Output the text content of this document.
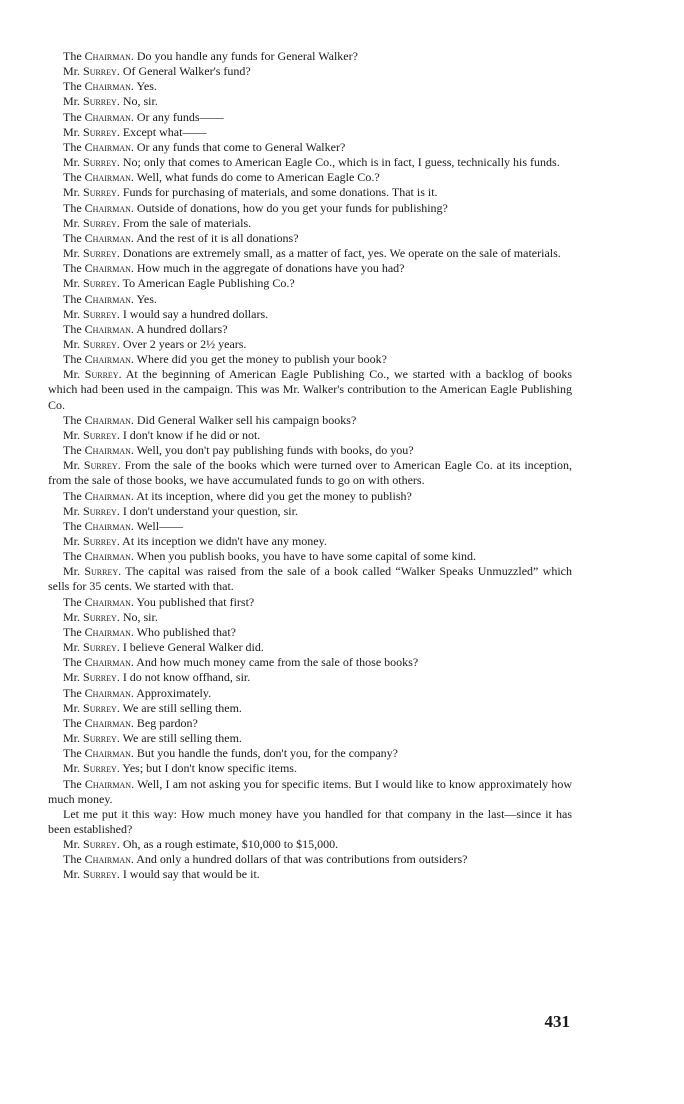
The Chairman. Do you handle any funds for General Walker?

Mr. Surrey. Of General Walker's fund?

The Chairman. Yes.

Mr. Surrey. No, sir.

The Chairman. Or any funds——

Mr. Surrey. Except what——

The Chairman. Or any funds that come to General Walker?

Mr. Surrey. No; only that comes to American Eagle Co., which is in fact, I guess, technically his funds.

The Chairman. Well, what funds do come to American Eagle Co.?

Mr. Surrey. Funds for purchasing of materials, and some donations. That is it.

The Chairman. Outside of donations, how do you get your funds for publishing?

Mr. Surrey. From the sale of materials.

The Chairman. And the rest of it is all donations?

Mr. Surrey. Donations are extremely small, as a matter of fact, yes. We operate on the sale of materials.

The Chairman. How much in the aggregate of donations have you had?

Mr. Surrey. To American Eagle Publishing Co.?

The Chairman. Yes.

Mr. Surrey. I would say a hundred dollars.

The Chairman. A hundred dollars?

Mr. Surrey. Over 2 years or 2½ years.

The Chairman. Where did you get the money to publish your book?

Mr. Surrey. At the beginning of American Eagle Publishing Co., we started with a backlog of books which had been used in the campaign. This was Mr. Walker's contribution to the American Eagle Publishing Co.

The Chairman. Did General Walker sell his campaign books?

Mr. Surrey. I don't know if he did or not.

The Chairman. Well, you don't pay publishing funds with books, do you?

Mr. Surrey. From the sale of the books which were turned over to American Eagle Co. at its inception, from the sale of those books, we have accumulated funds to go on with others.

The Chairman. At its inception, where did you get the money to publish?

Mr. Surrey. I don't understand your question, sir.

The Chairman. Well——

Mr. Surrey. At its inception we didn't have any money.

The Chairman. When you publish books, you have to have some capital of some kind.

Mr. Surrey. The capital was raised from the sale of a book called “Walker Speaks Unmuzzled” which sells for 35 cents. We started with that.

The Chairman. You published that first?

Mr. Surrey. No, sir.

The Chairman. Who published that?

Mr. Surrey. I believe General Walker did.

The Chairman. And how much money came from the sale of those books?

Mr. Surrey. I do not know offhand, sir.

The Chairman. Approximately.

Mr. Surrey. We are still selling them.

The Chairman. Beg pardon?

Mr. Surrey. We are still selling them.

The Chairman. But you handle the funds, don't you, for the company?

Mr. Surrey. Yes; but I don't know specific items.

The Chairman. Well, I am not asking you for specific items. But I would like to know approximately how much money.

Let me put it this way: How much money have you handled for that company in the last—since it has been established?

Mr. Surrey. Oh, as a rough estimate, $10,000 to $15,000.

The Chairman. And only a hundred dollars of that was contributions from outsiders?

Mr. Surrey. I would say that would be it.

431
